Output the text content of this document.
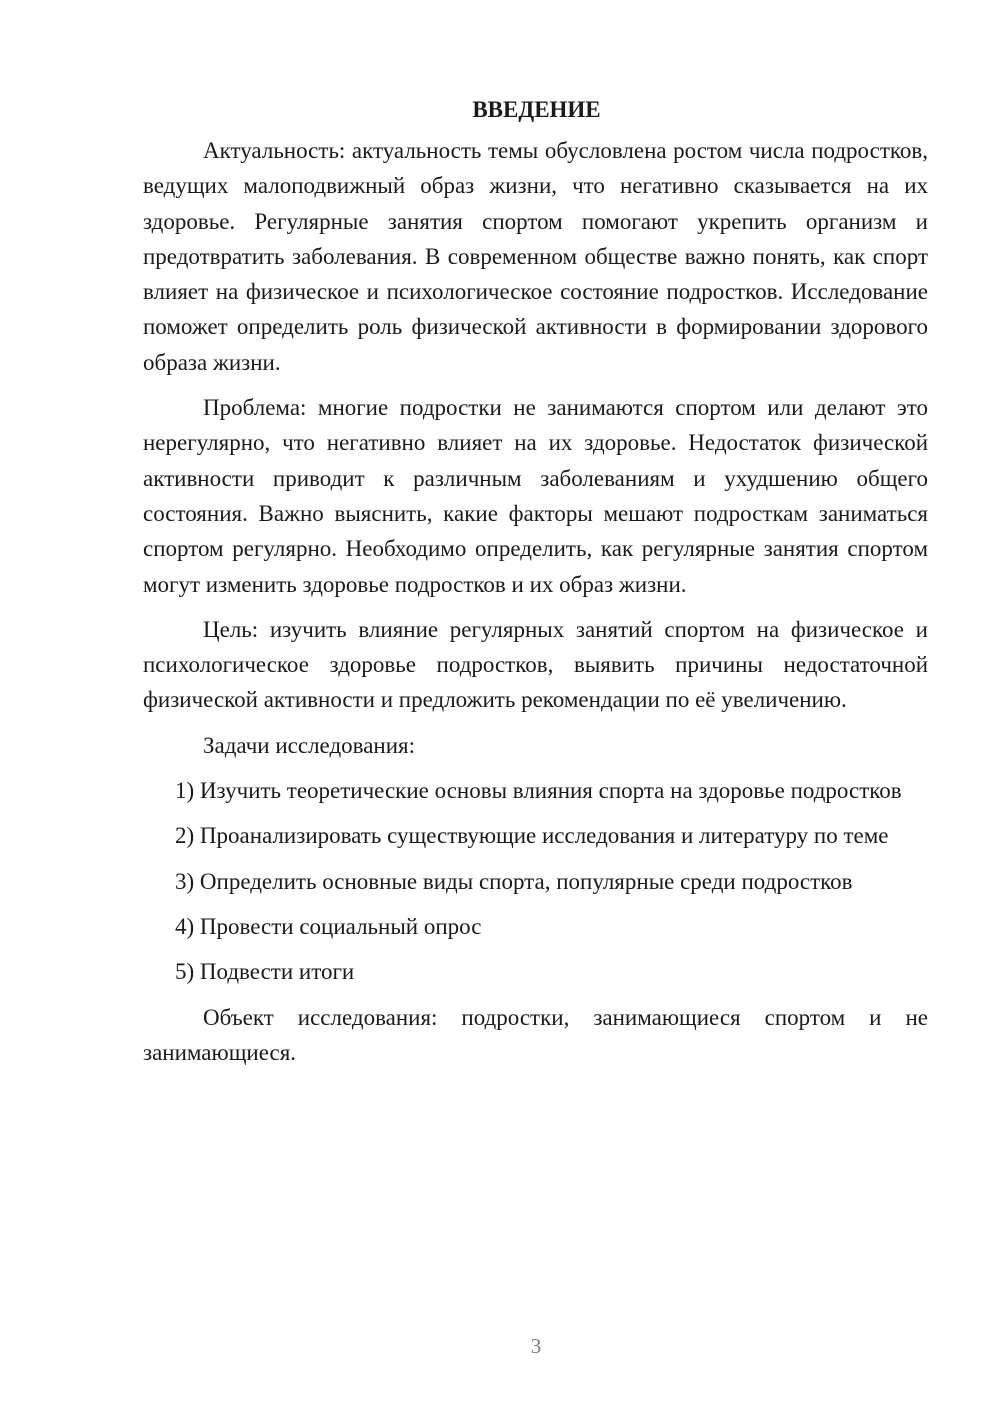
ВВЕДЕНИЕ

Актуальность: актуальность темы обусловлена ростом числа подростков, ведущих малоподвижный образ жизни, что негативно сказывается на их здоровье. Регулярные занятия спортом помогают укрепить организм и предотвратить заболевания. В современном обществе важно понять, как спорт влияет на физическое и психологическое состояние подростков. Исследование поможет определить роль физической активности в формировании здорового образа жизни.

Проблема: многие подростки не занимаются спортом или делают это нерегулярно, что негативно влияет на их здоровье. Недостаток физической активности приводит к различным заболеваниям и ухудшению общего состояния. Важно выяснить, какие факторы мешают подросткам заниматься спортом регулярно. Необходимо определить, как регулярные занятия спортом могут изменить здоровье подростков и их образ жизни.

Цель: изучить влияние регулярных занятий спортом на физическое и психологическое здоровье подростков, выявить причины недостаточной физической активности и предложить рекомендации по её увеличению.

Задачи исследования:

1) Изучить теоретические основы влияния спорта на здоровье подростков
2) Проанализировать существующие исследования и литературу по теме
3) Определить основные виды спорта, популярные среди подростков
4) Провести социальный опрос
5) Подвести итоги

Объект исследования: подростки, занимающиеся спортом и не занимающиеся.

3
